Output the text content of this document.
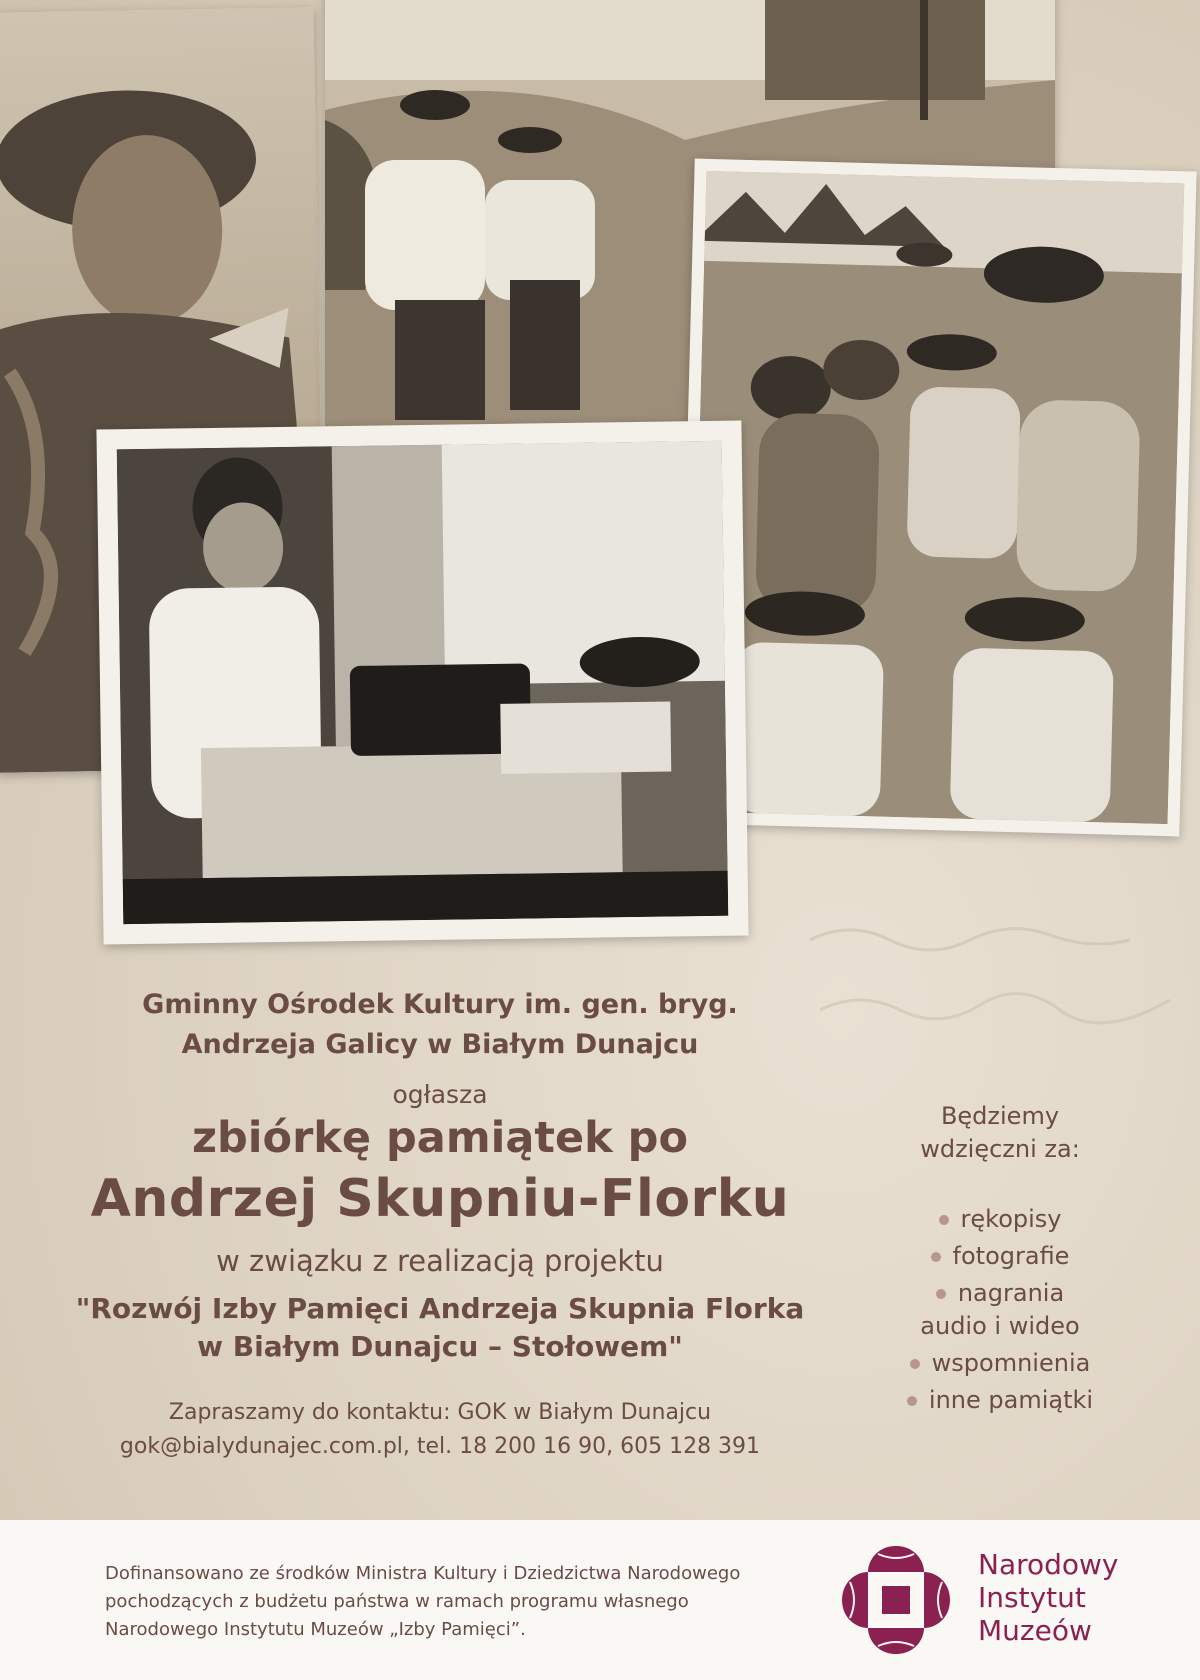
Gminny Ośrodek Kultury im. gen. bryg.
Andrzeja Galicy w Białym Dunajcu
ogłasza
zbiórkę pamiątek po
Andrzej Skupniu-Florku
w związku z realizacją projektu
"Rozwój Izby Pamięci Andrzeja Skupnia Florka
w Białym Dunajcu – Stołowem"
Zapraszamy do kontaktu: GOK w Białym Dunajcu
gok@bialydunajec.com.pl, tel. 18 200 16 90, 605 128 391
Będziemy
wdzięczni za:
rękopisy
fotografie
nagrania
audio i wideo
wspomnienia
inne pamiątki
Dofinansowano ze środków Ministra Kultury i Dziedzictwa Narodowego
pochodzących z budżetu państwa w ramach programu własnego
Narodowego Instytutu Muzeów „Izby Pamięci”.
Narodowy
Instytut
Muzeów
